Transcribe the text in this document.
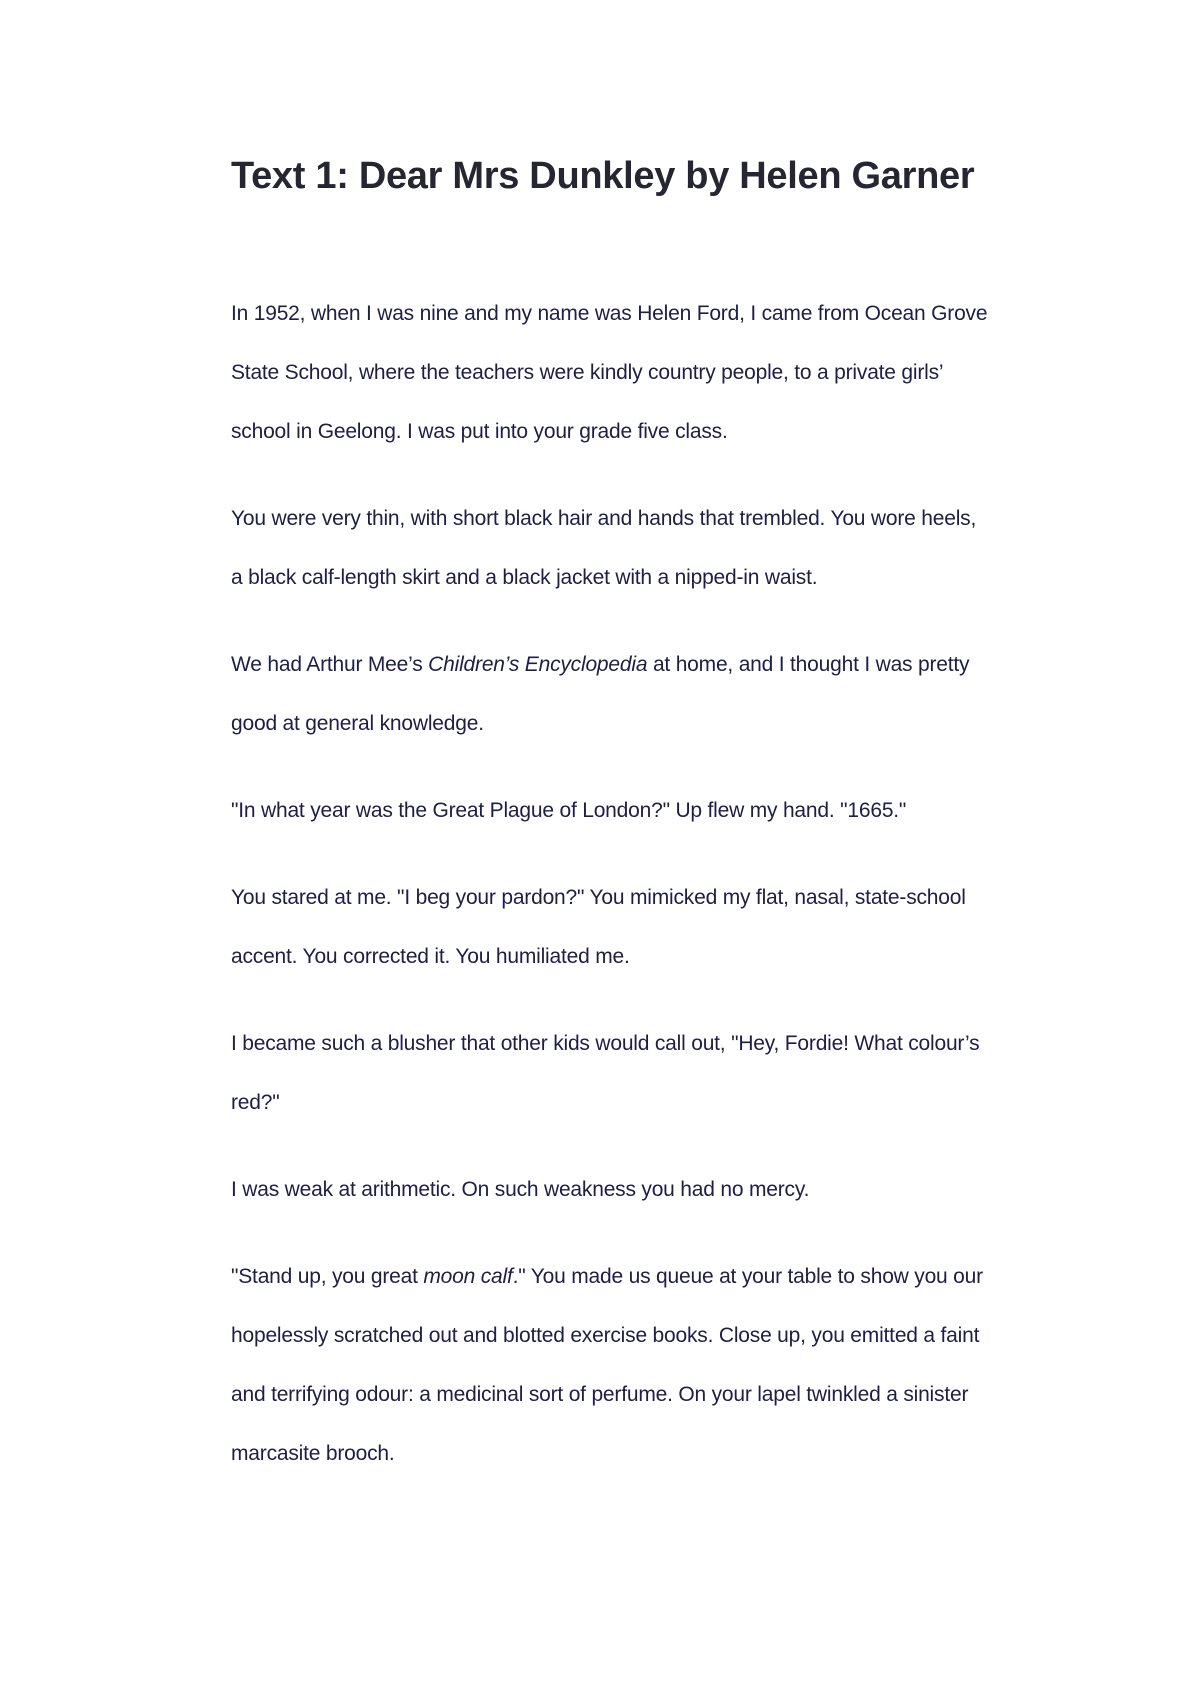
Text 1: Dear Mrs Dunkley by Helen Garner

In 1952, when I was nine and my name was Helen Ford, I came from Ocean Grove State School, where the teachers were kindly country people, to a private girls’ school in Geelong. I was put into your grade five class.

You were very thin, with short black hair and hands that trembled. You wore heels, a black calf-length skirt and a black jacket with a nipped-in waist.

We had Arthur Mee’s Children’s Encyclopedia at home, and I thought I was pretty good at general knowledge.

"In what year was the Great Plague of London?" Up flew my hand. "1665."

You stared at me. "I beg your pardon?" You mimicked my flat, nasal, state-school accent. You corrected it. You humiliated me.

I became such a blusher that other kids would call out, "Hey, Fordie! What colour’s red?"

I was weak at arithmetic. On such weakness you had no mercy.

"Stand up, you great moon calf." You made us queue at your table to show you our hopelessly scratched out and blotted exercise books. Close up, you emitted a faint and terrifying odour: a medicinal sort of perfume. On your lapel twinkled a sinister marcasite brooch.
